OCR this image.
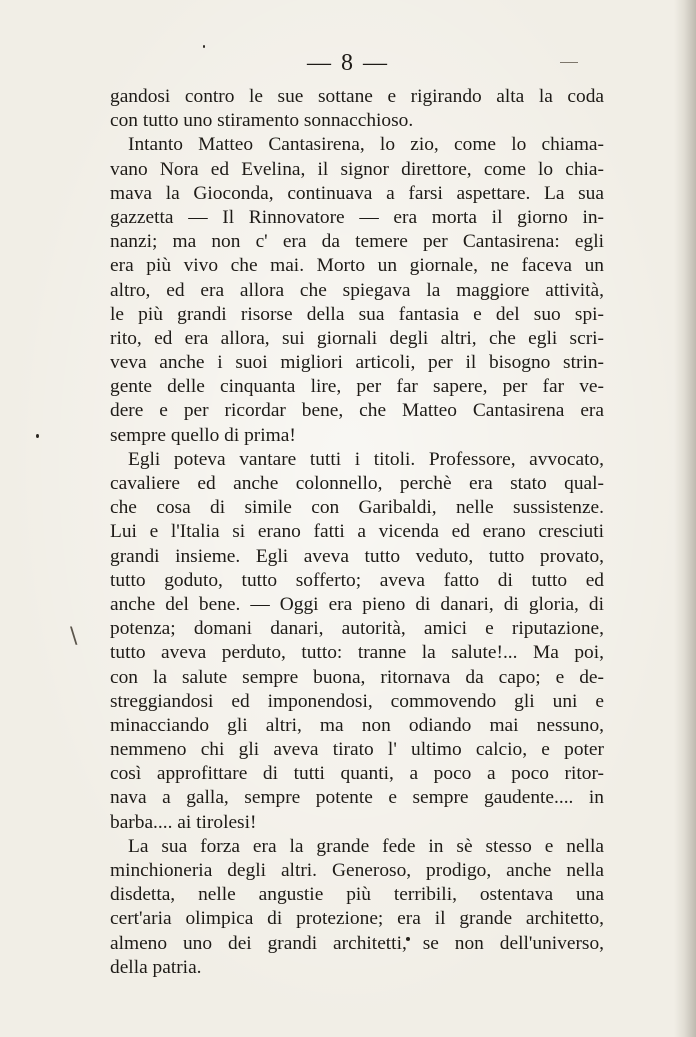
— 8 —
\
gandosi contro le sue sottane e rigirando alta la coda
con tutto uno stiramento sonnacchioso.
Intanto Matteo Cantasirena, lo zio, come lo chiama-
vano Nora ed Evelina, il signor direttore, come lo chia-
mava la Gioconda, continuava a farsi aspettare. La sua
gazzetta — Il Rinnovatore — era morta il giorno in-
nanzi; ma non c' era da temere per Cantasirena: egli
era più vivo che mai. Morto un giornale, ne faceva un
altro, ed era allora che spiegava la maggiore attività,
le più grandi risorse della sua fantasia e del suo spi-
rito, ed era allora, sui giornali degli altri, che egli scri-
veva anche i suoi migliori articoli, per il bisogno strin-
gente delle cinquanta lire, per far sapere, per far ve-
dere e per ricordar bene, che Matteo Cantasirena era
sempre quello di prima!
Egli poteva vantare tutti i titoli. Professore, avvocato,
cavaliere ed anche colonnello, perchè era stato qual-
che cosa di simile con Garibaldi, nelle sussistenze.
Lui e l'Italia si erano fatti a vicenda ed erano cresciuti
grandi insieme. Egli aveva tutto veduto, tutto provato,
tutto goduto, tutto sofferto; aveva fatto di tutto ed
anche del bene. — Oggi era pieno di danari, di gloria, di
potenza; domani danari, autorità, amici e riputazione,
tutto aveva perduto, tutto: tranne la salute!... Ma poi,
con la salute sempre buona, ritornava da capo; e de-
streggiandosi ed imponendosi, commovendo gli uni e
minacciando gli altri, ma non odiando mai nessuno,
nemmeno chi gli aveva tirato l' ultimo calcio, e poter
così approfittare di tutti quanti, a poco a poco ritor-
nava a galla, sempre potente e sempre gaudente.... in
barba.... ai tirolesi!
La sua forza era la grande fede in sè stesso e nella
minchioneria degli altri. Generoso, prodigo, anche nella
disdetta, nelle angustie più terribili, ostentava una
cert'aria olimpica di protezione; era il grande architetto,
almeno uno dei grandi architetti, se non dell'universo,
della patria.
